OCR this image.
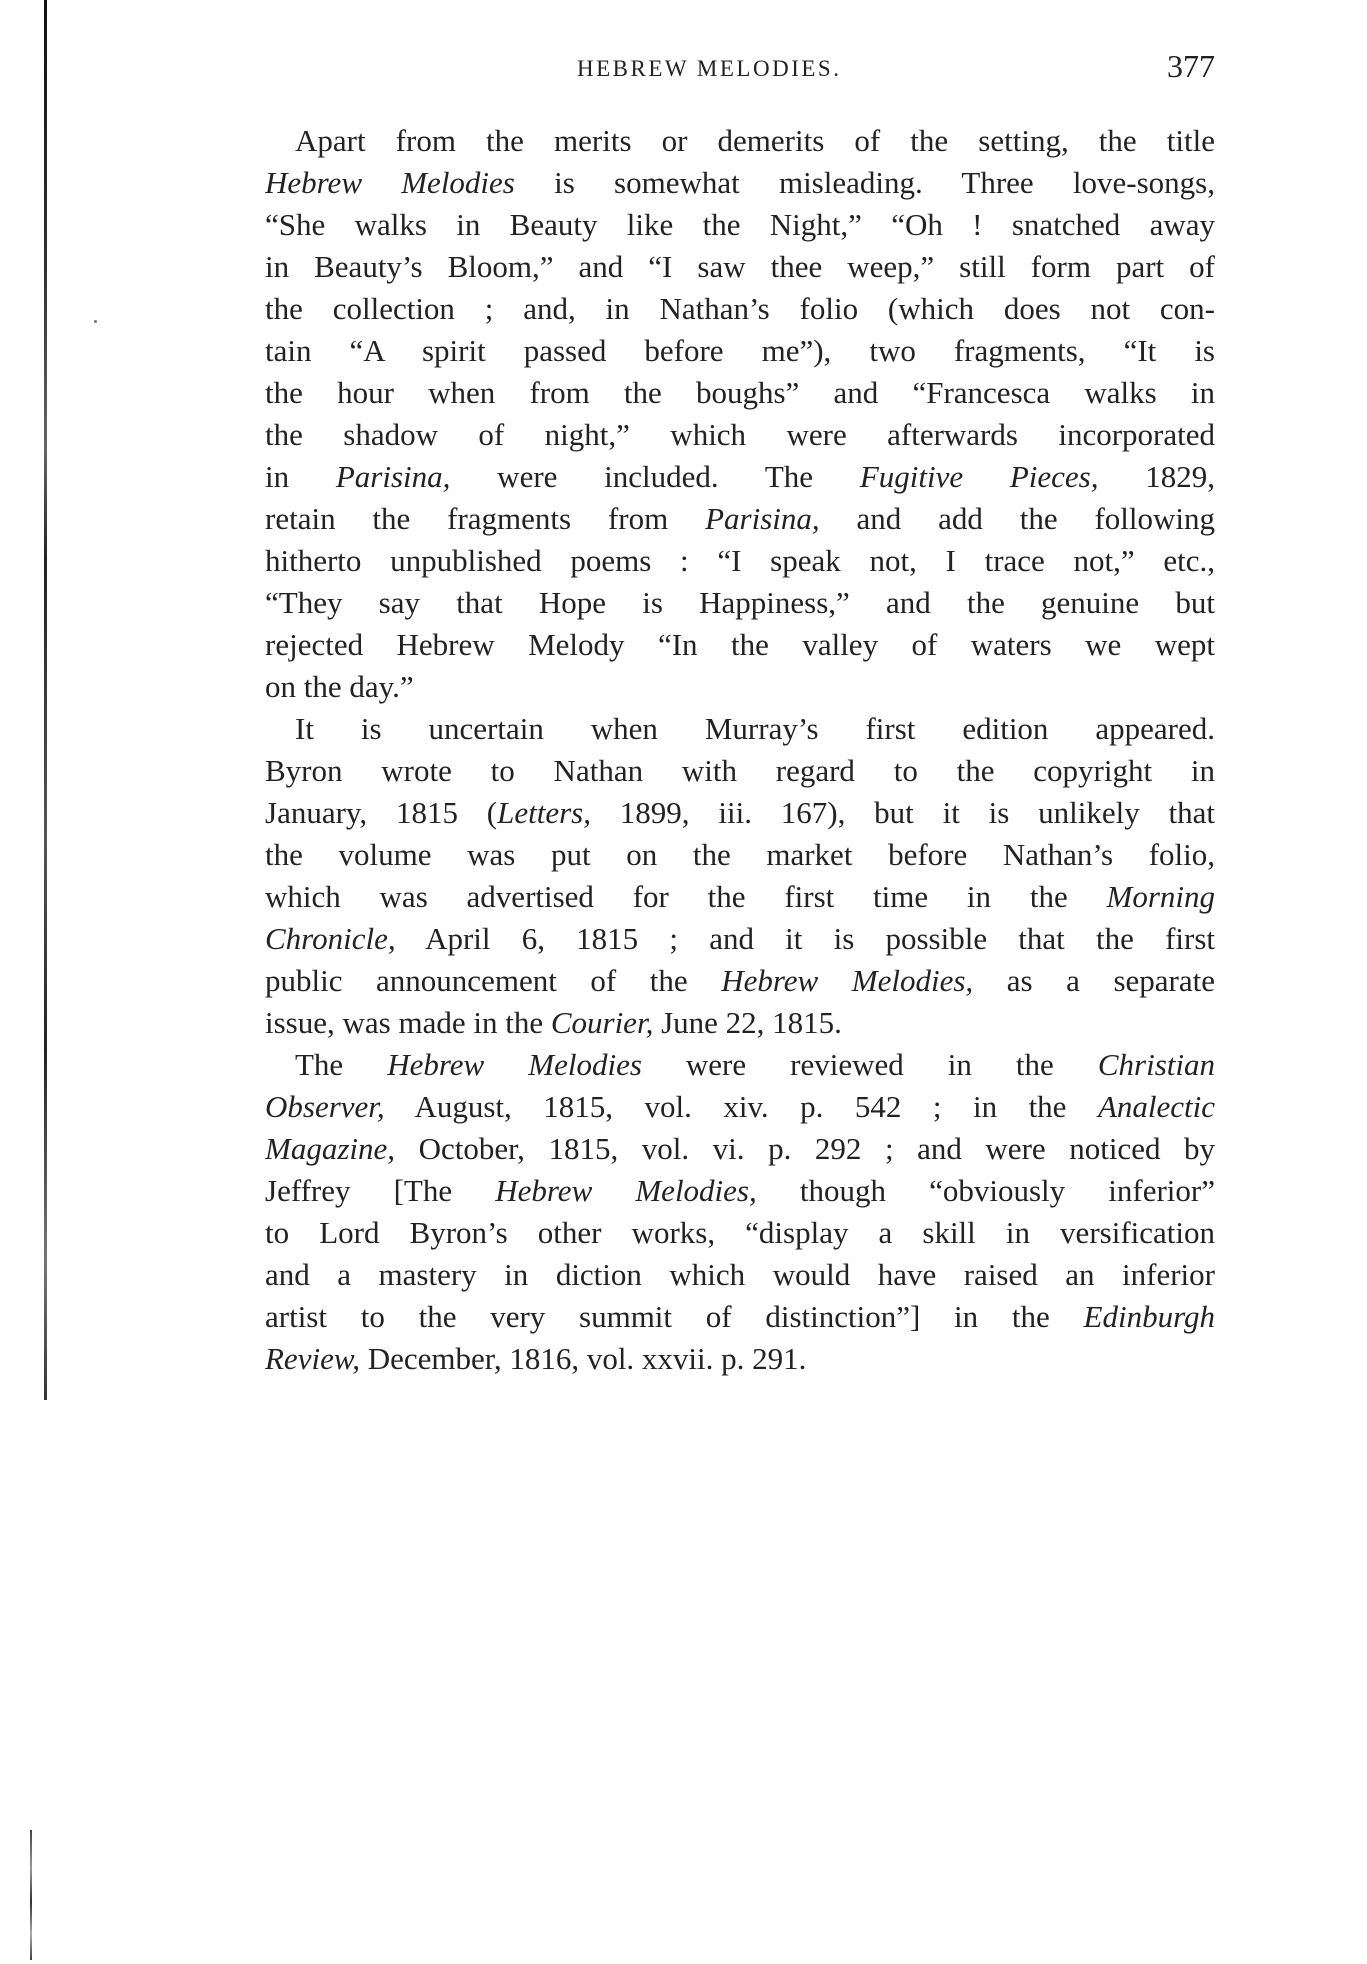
HEBREW MELODIES.	377
Apart from the merits or demerits of the setting, the title
Hebrew Melodies is somewhat misleading. Three love-songs,
“She walks in Beauty like the Night,” “Oh ! snatched away
in Beauty’s Bloom,” and “I saw thee weep,” still form part of
the collection ; and, in Nathan’s folio (which does not con-
tain “A spirit passed before me”), two fragments, “It is
the hour when from the boughs” and “Francesca walks in
the shadow of night,” which were afterwards incorporated
in Parisina, were included. The Fugitive Pieces, 1829,
retain the fragments from Parisina, and add the following
hitherto unpublished poems : “I speak not, I trace not,” etc.,
“They say that Hope is Happiness,” and the genuine but
rejected Hebrew Melody “In the valley of waters we wept
on the day.”
It is uncertain when Murray’s first edition appeared.
Byron wrote to Nathan with regard to the copyright in
January, 1815 (Letters, 1899, iii. 167), but it is unlikely that
the volume was put on the market before Nathan’s folio,
which was advertised for the first time in the Morning
Chronicle, April 6, 1815 ; and it is possible that the first
public announcement of the Hebrew Melodies, as a separate
issue, was made in the Courier, June 22, 1815.
The Hebrew Melodies were reviewed in the Christian
Observer, August, 1815, vol. xiv. p. 542 ; in the Analectic
Magazine, October, 1815, vol. vi. p. 292 ; and were noticed by
Jeffrey [The Hebrew Melodies, though “obviously inferior”
to Lord Byron’s other works, “display a skill in versification
and a mastery in diction which would have raised an inferior
artist to the very summit of distinction”] in the Edinburgh
Review, December, 1816, vol. xxvii. p. 291.
